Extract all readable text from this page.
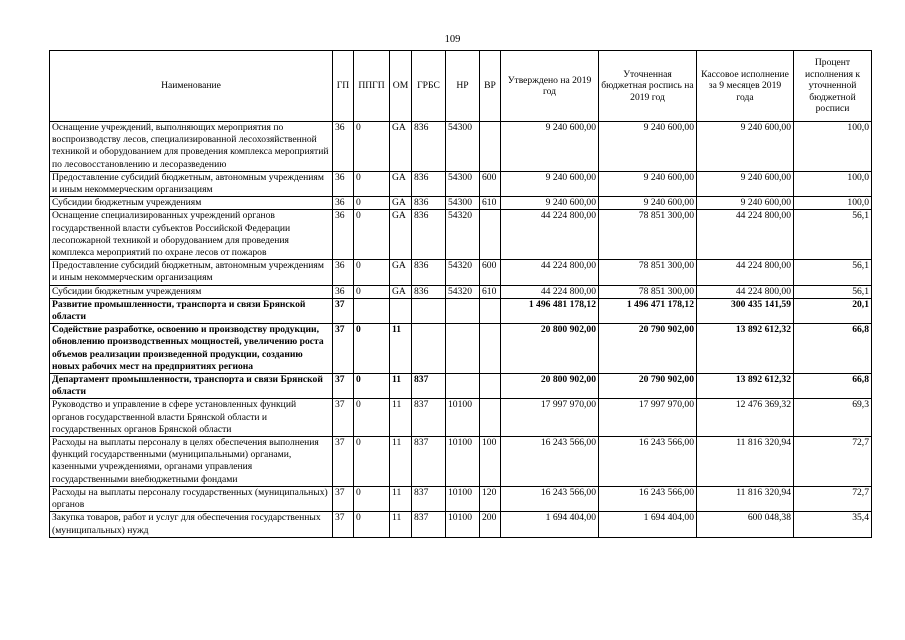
109
Наименование	ГП	ППГП	ОМ	ГРБС	НР	ВР	Утверждено на 2019 год	Уточненная бюджетная роспись на 2019 год	Кассовое исполнение за 9 месяцев 2019 года	Процент исполнения к уточненной бюджетной росписи
Оснащение учреждений, выполняющих мероприятия по воспроизводству лесов, специализированной лесохозяйственной техникой и оборудованием для проведения комплекса мероприятий по лесовосстановлению и лесоразведению	36	0	GA	836	54300		9 240 600,00	9 240 600,00	9 240 600,00	100,0
Предоставление субсидий бюджетным, автономным учреждениям и иным некоммерческим организациям	36	0	GA	836	54300	600	9 240 600,00	9 240 600,00	9 240 600,00	100,0
Субсидии бюджетным учреждениям	36	0	GA	836	54300	610	9 240 600,00	9 240 600,00	9 240 600,00	100,0
Оснащение специализированных учреждений органов государственной власти субъектов Российской Федерации лесопожарной техникой и оборудованием для проведения комплекса мероприятий по охране лесов от пожаров	36	0	GA	836	54320		44 224 800,00	78 851 300,00	44 224 800,00	56,1
Предоставление субсидий бюджетным, автономным учреждениям и иным некоммерческим организациям	36	0	GA	836	54320	600	44 224 800,00	78 851 300,00	44 224 800,00	56,1
Субсидии бюджетным учреждениям	36	0	GA	836	54320	610	44 224 800,00	78 851 300,00	44 224 800,00	56,1
Развитие промышленности, транспорта и связи Брянской области	37						1 496 481 178,12	1 496 471 178,12	300 435 141,59	20,1
Содействие разработке, освоению и производству продукции, обновлению производственных мощностей, увеличению роста объемов реализации произведенной продукции, созданию новых рабочих мест на предприятиях региона	37	0	11				20 800 902,00	20 790 902,00	13 892 612,32	66,8
Департамент промышленности, транспорта и связи Брянской области	37	0	11	837			20 800 902,00	20 790 902,00	13 892 612,32	66,8
Руководство и управление в сфере установленных функций органов государственной власти Брянской области и государственных органов Брянской области	37	0	11	837	10100		17 997 970,00	17 997 970,00	12 476 369,32	69,3
Расходы на выплаты персоналу в целях обеспечения выполнения функций государственными (муниципальными) органами, казенными учреждениями, органами управления государственными внебюджетными фондами	37	0	11	837	10100	100	16 243 566,00	16 243 566,00	11 816 320,94	72,7
Расходы на выплаты персоналу государственных (муниципальных) органов	37	0	11	837	10100	120	16 243 566,00	16 243 566,00	11 816 320,94	72,7
Закупка товаров, работ и услуг для обеспечения государственных (муниципальных) нужд	37	0	11	837	10100	200	1 694 404,00	1 694 404,00	600 048,38	35,4
